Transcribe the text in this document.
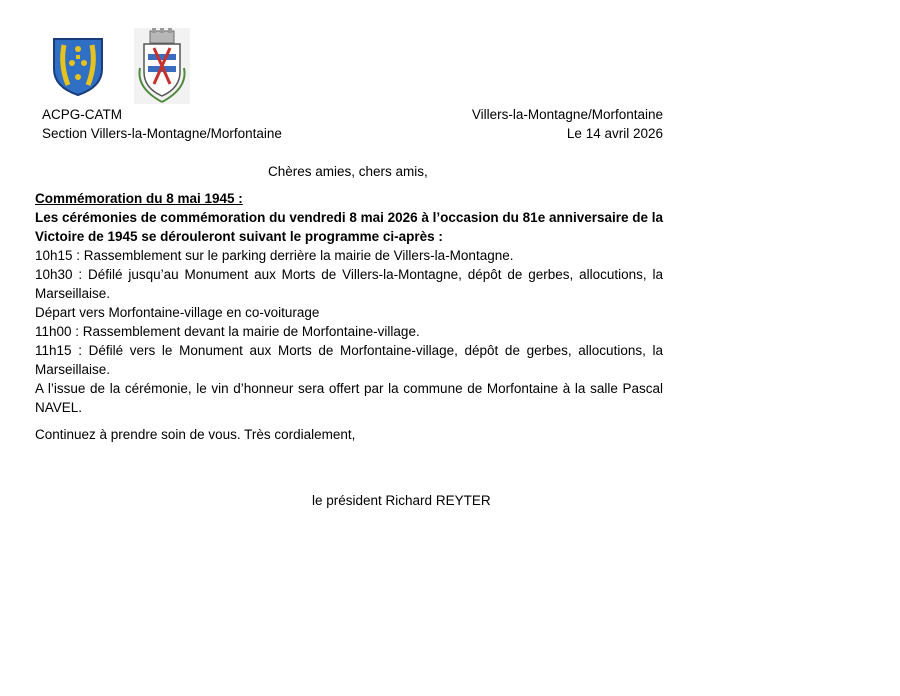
ACPG-CATM
Section Villers-la-Montagne/Morfontaine
Villers-la-Montagne/Morfontaine
Le 14 avril 2026
Chères amies, chers amis,

Commémoration du 8 mai 1945 :

Les cérémonies de commémoration du vendredi 8 mai 2026 à l’occasion du 81e anniversaire de la Victoire de 1945 se dérouleront suivant le programme ci-après :

10h15 : Rassemblement sur le parking derrière la mairie de Villers-la-Montagne.

10h30 : Défilé jusqu’au Monument aux Morts de Villers-la-Montagne, dépôt de gerbes, allocutions, la Marseillaise.

Départ vers Morfontaine-village en co-voiturage

11h00 : Rassemblement devant la mairie de Morfontaine-village.

11h15 : Défilé vers le Monument aux Morts de Morfontaine-village, dépôt de gerbes, allocutions, la Marseillaise.

A l’issue de la cérémonie, le vin d’honneur sera offert par la commune de Morfontaine à la salle Pascal NAVEL.

Continuez à prendre soin de vous. Très cordialement,

le président Richard REYTER
